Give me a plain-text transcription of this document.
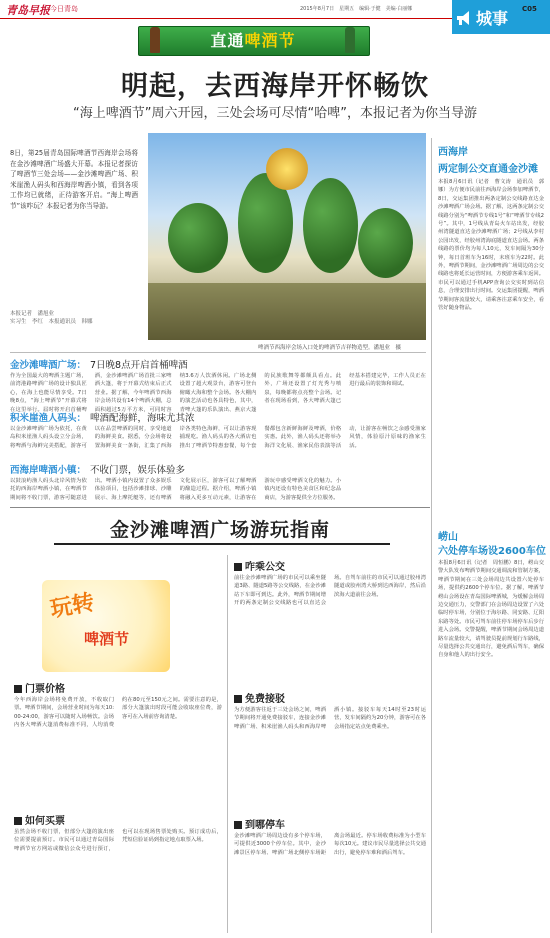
青岛早报 今日青岛	2015年8月7日　星期五　编辑·于健　美编·白丽娜	城事 C05
直通啤酒节
明起，去西海岸开怀畅饮
“海上啤酒节”周六开园，三处会场可尽情“哈啤”，本报记者为你当导游
8日，第25届青岛国际啤酒节西海岸会场将在金沙滩啤酒广场盛大开幕。本报记者探访了啤酒节三处会场——金沙滩啤酒广场、积米崖渔人码头和西海岸啤酒小镇，看到各项工作均已就绪，正待游客开启。“海上啤酒节”该咋玩？本报记者为你当导游。
本报记者　潘旭业
实习生　李红　本报通讯员　韩娜
啤酒节西海岸会场入口处的啤酒节吉祥物造型。潘旭业　摄
金沙滩啤酒广场： 7日晚8点开启首桶啤酒
作为全国最大的啤酒主题广场，前湾港路啤酒广场的设计独具匠心，在海上也能尽情享受。7日晚8点，“海上啤酒节”开幕式将在这里举行。届时将开启首桶啤酒，金沙滩啤酒广场首批三家啤酒大篷，将于开幕式结束后正式营业。据了解，今年啤酒节西海岸会场共设有14个啤酒大棚，总面积超过5万平方米，可同时容纳3.6万人饮酒休闲。广场北侧设置了超大观景台，游客可登台俯瞰大海和整个会场。各大棚内的演艺活动也各具特色，其中，青啤大篷的乐队演出、燕京大篷的民族歌舞等都颇具看点。此外，广场还设置了灯光秀与喷泉，每晚都将点亮整个会场。记者在现场看到，各大啤酒大篷已经基本搭建完毕，工作人员正在进行最后的装饰和调试。
积米崖渔人码头： 啤酒配海鲜，海味尤其浓
以金沙滩啤酒广场为依托，在黄岛积米崖渔人码头设立分会场，将啤酒与海鲜完美搭配，游客可以在品尝啤酒的同时，享受地道的海鲜美食。据悉，分会场将设置海鲜美食一条街，汇集了西海岸各类特色海鲜，可以让游客现捕现吃。渔人码头的各大酒店也推出了啤酒节特惠套餐，每个套餐都包含新鲜海鲜及啤酒，价格实惠。此外，渔人码头还将举办海洋文化展、渔家民俗表演等活动，让游客在畅饮之余感受渔家风情，体验原汁原味的渔家生活。
西海岸啤酒小镇： 不收门票，娱乐体验多
以鼓浪屿渔人码头北岸风情为依托的西海岸啤酒小镇，在啤酒节期间将不收门票，游客可随意进出。啤酒小镇内设置了众多娱乐体验项目，包括沙滩排球、沙雕展示、海上摩托艇等，还有啤酒文化展示区，游客可以了解啤酒的酿造过程。据介绍，啤酒小镇将融入更多互动元素，让游客在游玩中感受啤酒文化的魅力。小镇内还设有特色美食区和纪念品商店，为游客提供全方位服务。
金沙滩啤酒广场游玩指南
玩转
啤酒节
门票价格
今年西海岸会场将免费开放，不收取门票。啤酒节期间，会场营业时间为每天10:00-24:00，游客可以随时入场畅饮。会场内各大啤酒大篷消费标准不同，人均消费约在80元至150元之间。需要注意的是，部分大篷演出时段可能会收取座位费，游客可在入场前咨询清楚。
如何买票
虽然会场不收门票，但部分大篷的演出座位需要提前预订。市民可以通过青岛国际啤酒节官方网站或微信公众号进行预订，也可以在现场售票处购买。预订成功后，凭短信验证码到指定地点取票入场。
咋乘公交
前往金沙滩啤酒广场的市民可以乘坐隧道3路、隧道5路等公交线路，在金沙滩站下车即可到达。此外，啤酒节期间增开的两条定制公交线路也可以直达会场。自驾车前往的市民可以通过胶州湾隧道或胶州湾大桥到达西海岸，然后沿滨海大道前往会场。
免费接驳
为方便游客往返于三处会场之间，啤酒节期间将开通免费接驳车，连接金沙滩啤酒广场、积米崖渔人码头和西海岸啤酒小镇。接驳车每天14时至23时运营，发车间隔约为20分钟，游客可在各会场指定站点免费乘坐。
到哪停车
金沙滩啤酒广场周边设有多个停车场，可提供近3000个停车位。其中，金沙滩景区停车场、啤酒广场北侧停车场距离会场最近。停车场收费标准为小型车每次10元。建议市民尽量选择公共交通出行，避免停车难和酒后驾车。
西海岸
两定制公交直通金沙滩
本报8月6日讯（记者　曹文涛　通讯员　郭娜）为方便市民前往西海岸会场参加啤酒节，8日，交运集团推出两条定制公交线路直达金沙滩啤酒广场会场。据了解，这两条定制公交线路分别为“啤酒节专线1号”和“啤酒节专线2号”。其中，1号线从青岛火车站出发，经胶州湾隧道直达金沙滩啤酒广场；2号线从李村公园出发，经胶州湾海底隧道直达会场。两条线路的票价均为每人10元，发车间隔为30分钟，每日首班车为16时，末班车为22时。此外，啤酒节期间，金沙滩啤酒广场周边的公交线路也将延长运营时间，方便游客乘车返回。市民可以通过手机APP查询公交实时到站信息，合理安排出行时间。交运集团提醒，啤酒节期间客流量较大，请乘客注意乘车安全，看管好随身物品。
崂山
六处停车场设2600车位
本报8月6日讯（记者　周恒鹏）8日，崂山交警大队发布啤酒节期间交通调流和管制方案，啤酒节期间在三处会场周边共设置六处停车场，提供约2600个停车位。据了解，啤酒节崂山会场设在青岛国际啤酒城，为缓解会场周边交通压力，交警部门在会场周边设置了六处临时停车场，分别位于海尔路、同安路、辽阳东路等处。市民可驾车前往停车场停车后步行进入会场。交警提醒，啤酒节期间会场周边道路车流量较大，请驾驶员提前规划行车路线，尽量选择公共交通出行，避免酒后驾车，确保自身和他人的出行安全。
